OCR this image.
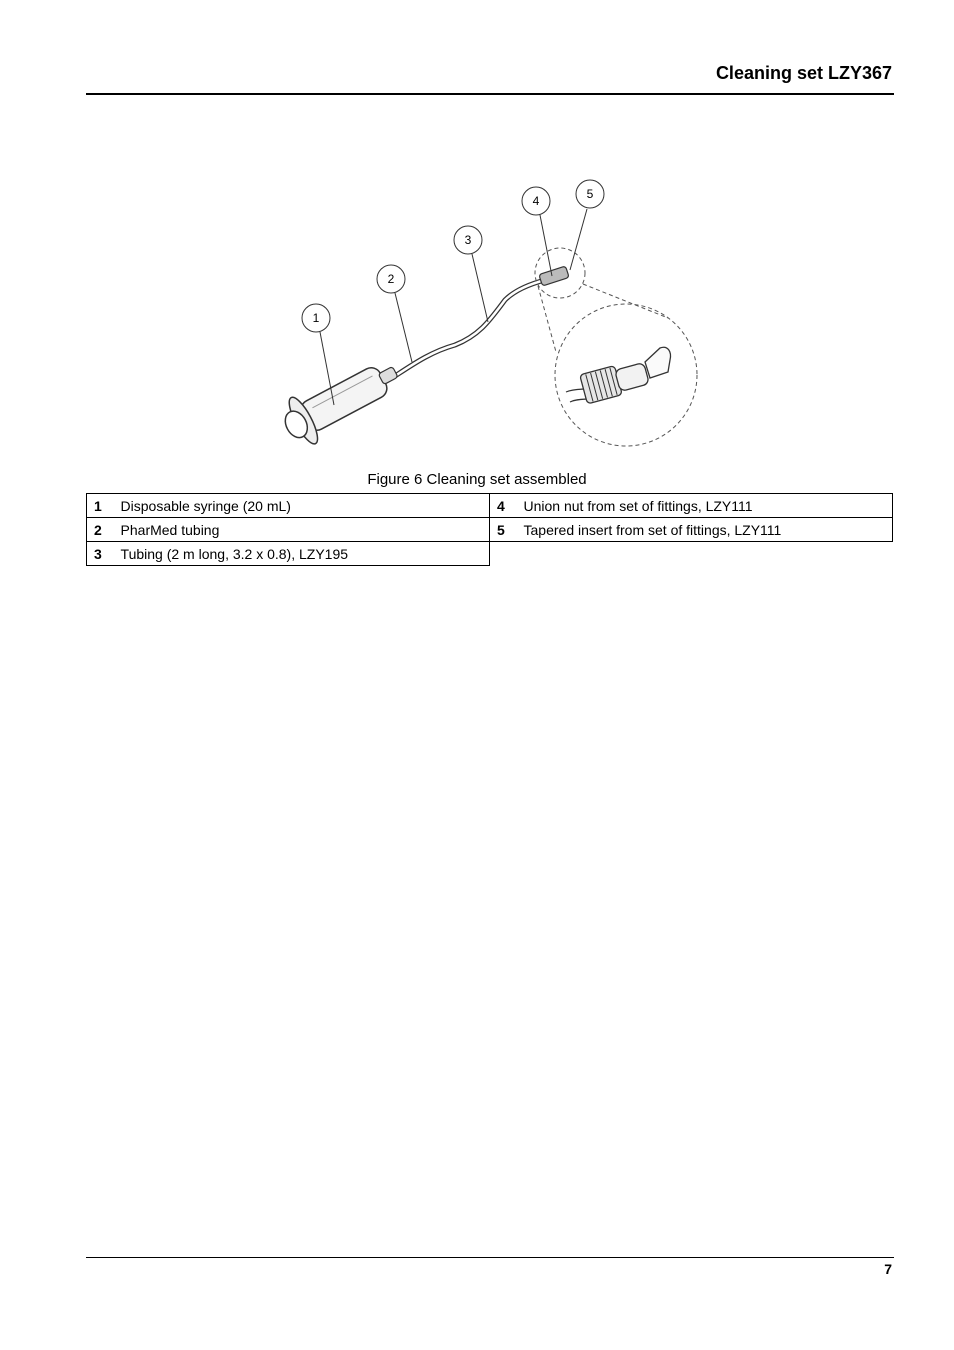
Cleaning set LZY367
1
2
3
4	5
Figure 6 Cleaning set assembled
1	Disposable syringe (20 mL)	4	Union nut from set of fittings, LZY111
2	PharMed tubing	5	Tapered insert from set of fittings, LZY111
3	Tubing (2 m long, 3.2 x 0.8), LZY195		
7
